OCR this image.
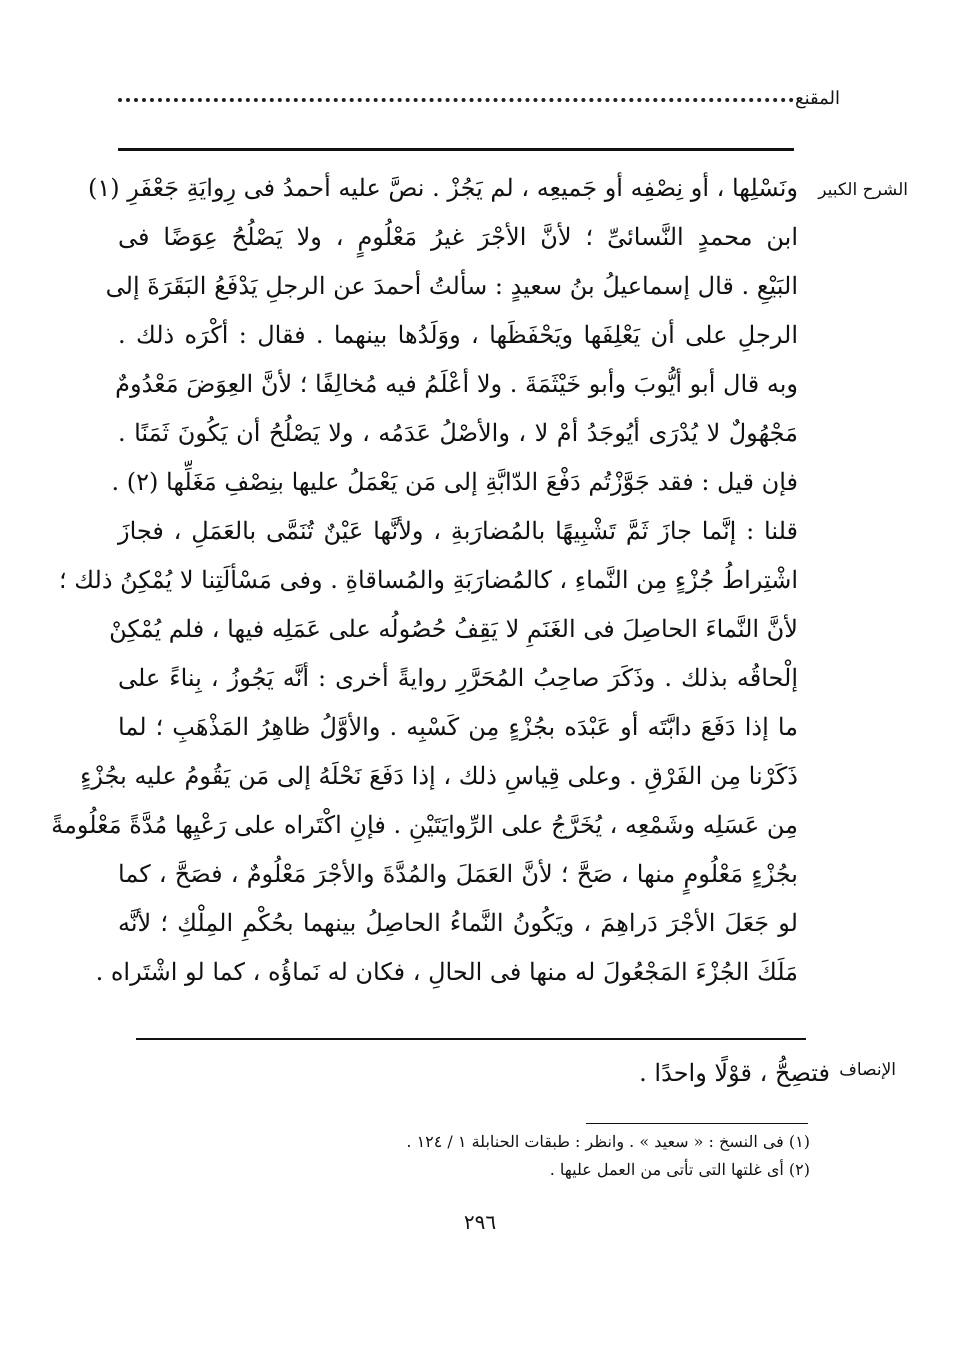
المقنع
الشرح الكبير
ونَسْلِها ، أو نِصْفِه أو جَميعِه ، لم يَجُزْ . نصَّ عليه أحمدُ فى رِوايَةِ جَعْفَرِ (١)
ابن محمدٍ النَّسائىِّ ؛ لأنَّ الأجْرَ غيرُ مَعْلُومٍ ، ولا يَصْلُحُ عِوَضًا فى
البَيْعِ . قال إسماعيلُ بنُ سعيدٍ : سألتُ أحمدَ عن الرجلِ يَدْفَعُ البَقَرَةَ إلى
الرجلِ على أن يَعْلِفَها ويَحْفَظَها ، ووَلَدُها بينهما . فقال : أكْرَه ذلك .
وبه قال أبو أيُّوبَ وأبو خَيْثَمَةَ . ولا أعْلَمُ فيه مُخالِفًا ؛ لأنَّ العِوَضَ مَعْدُومٌ
مَجْهُولٌ لا يُدْرَى أيُوجَدُ أمْ لا ، والأصْلُ عَدَمُه ، ولا يَصْلُحُ أن يَكُونَ ثَمَنًا .
فإن قيل : فقد جَوَّزْتُم دَفْعَ الدّابَّةِ إلى مَن يَعْمَلُ عليها بنِصْفِ مَغَلِّها (٢) .
قلنا : إنَّما جازَ ثَمَّ تَشْبِيهًا بالمُضارَبةِ ، ولأنَّها عَيْنٌ تُنَمَّى بالعَمَلِ ، فجازَ
اشْتِراطُ جُزْءٍ مِن النَّماءِ ، كالمُضارَبَةِ والمُساقاةِ . وفى مَسْألَتِنا لا يُمْكِنُ ذلك ؛
لأنَّ النَّماءَ الحاصِلَ فى الغَنَمِ لا يَقِفُ حُصُولُه على عَمَلِه فيها ، فلم يُمْكِنْ
إلْحاقُه بذلك . وذَكَرَ صاحِبُ المُحَرَّرِ روايةً أخرى : أنَّه يَجُوزُ ، بِناءً على
ما إذا دَفَعَ دابَّتَه أو عَبْدَه بجُزْءٍ مِن كَسْبِه . والأوَّلُ ظاهِرُ المَذْهَبِ ؛ لما
ذَكَرْنا مِن الفَرْقِ . وعلى قِياسِ ذلك ، إذا دَفَعَ نَحْلَهُ إلى مَن يَقُومُ عليه بجُزْءٍ
مِن عَسَلِه وشَمْعِه ، يُخَرَّجُ على الرِّوايَتَيْنِ . فإنِ اكْتَراه على رَعْيِها مُدَّةً مَعْلُومةً
بجُزْءٍ مَعْلُومٍ منها ، صَحَّ ؛ لأنَّ العَمَلَ والمُدَّةَ والأجْرَ مَعْلُومٌ ، فصَحَّ ، كما
لو جَعَلَ الأجْرَ دَراهِمَ ، ويَكُونُ النَّماءُ الحاصِلُ بينهما بحُكْمِ المِلْكِ ؛ لأنَّه
مَلَكَ الجُزْءَ المَجْعُولَ له منها فى الحالِ ، فكان له نَماؤُه ، كما لو اشْتَراه .
الإنصاف
فتصِحُّ ، قوْلًا واحدًا .
(١) فى النسخ : « سعيد » . وانظر : طبقات الحنابلة ١ / ١٢٤ .
(٢) أى غلتها التى تأتى من العمل عليها .
٢٩٦
